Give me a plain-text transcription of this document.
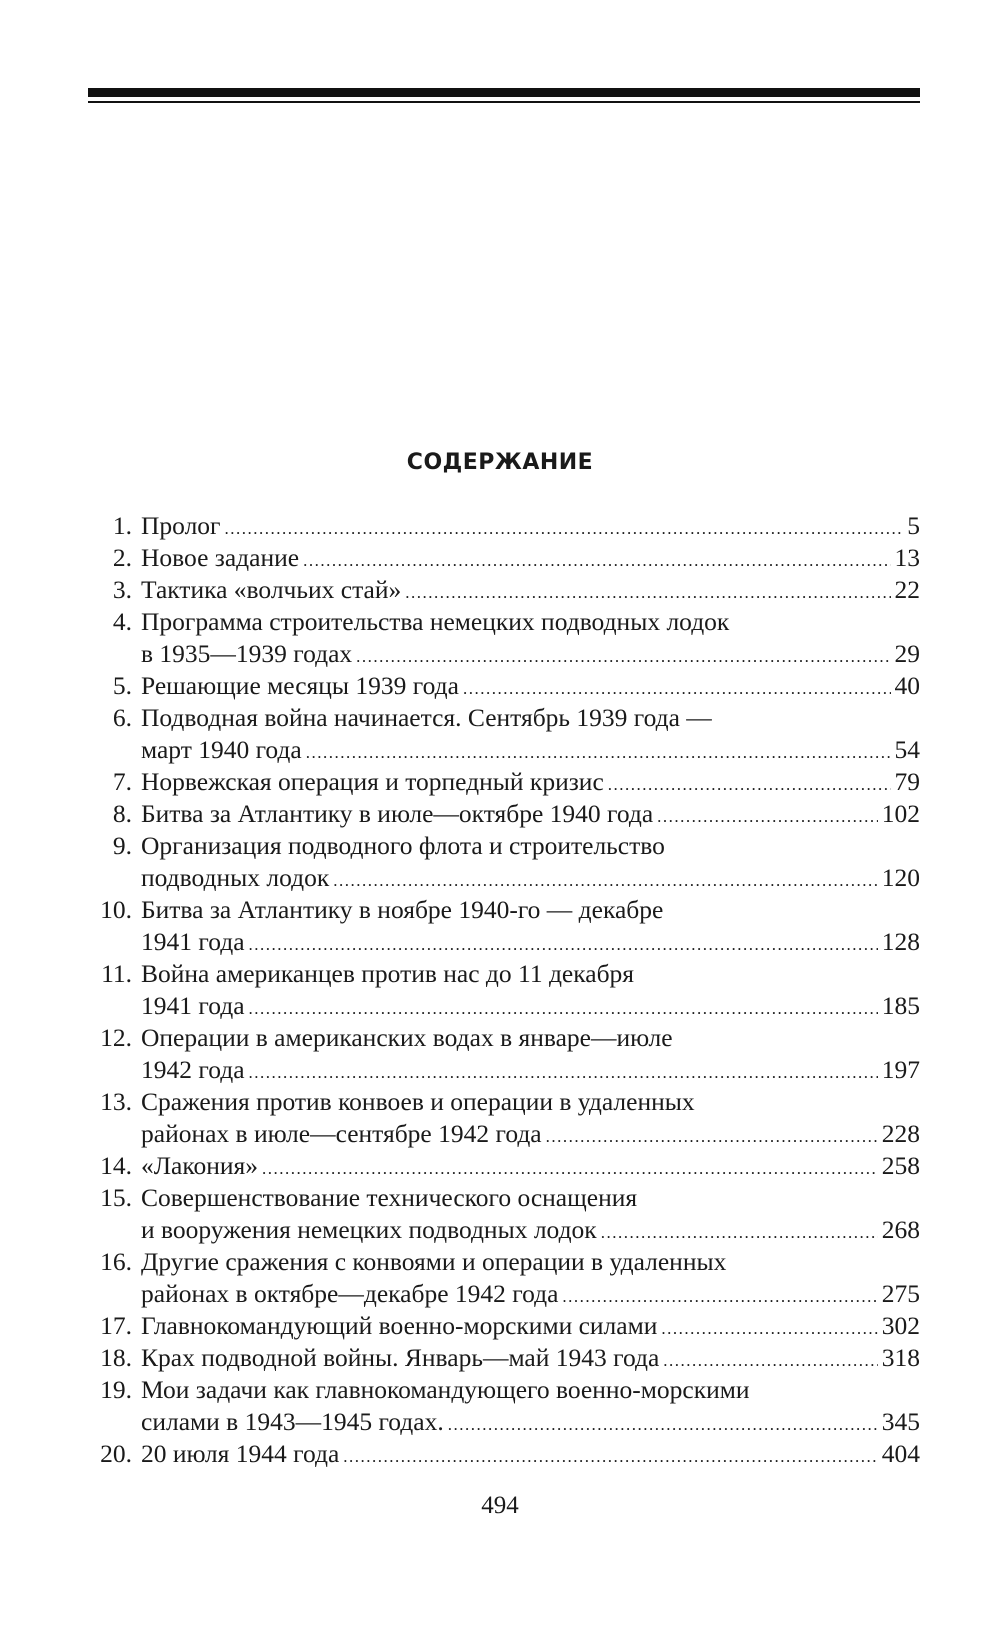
СОДЕРЖАНИЕ
1. Пролог .....	5
2. Новое задание .....	13
3. Тактика «волчьих стай» .....	22
4. Программа строительства немецких подводных лодок
в 1935—1939 годах .....	29
5. Решающие месяцы 1939 года .....	40
6. Подводная война начинается. Сентябрь 1939 года —
март 1940 года .....	54
7. Норвежская операция и торпедный кризис .....	79
8. Битва за Атлантику в июле—октябре 1940 года .....	102
9. Организация подводного флота и строительство
подводных лодок .....	120
10. Битва за Атлантику в ноябре 1940-го — декабре
1941 года .....	128
11. Война американцев против нас до 11 декабря
1941 года .....	185
12. Операции в американских водах в январе—июле
1942 года .....	197
13. Сражения против конвоев и операции в удаленных
районах в июле—сентябре 1942 года .....	228
14. «Лакония» .....	258
15. Совершенствование технического оснащения
и вооружения немецких подводных лодок .....	268
16. Другие сражения с конвоями и операции в удаленных
районах в октябре—декабре 1942 года .....	275
17. Главнокомандующий военно-морскими силами .....	302
18. Крах подводной войны. Январь—май 1943 года .....	318
19. Мои задачи как главнокомандующего военно-морскими
силами в 1943—1945 годах. .....	345
20. 20 июля 1944 года .....	404
494
